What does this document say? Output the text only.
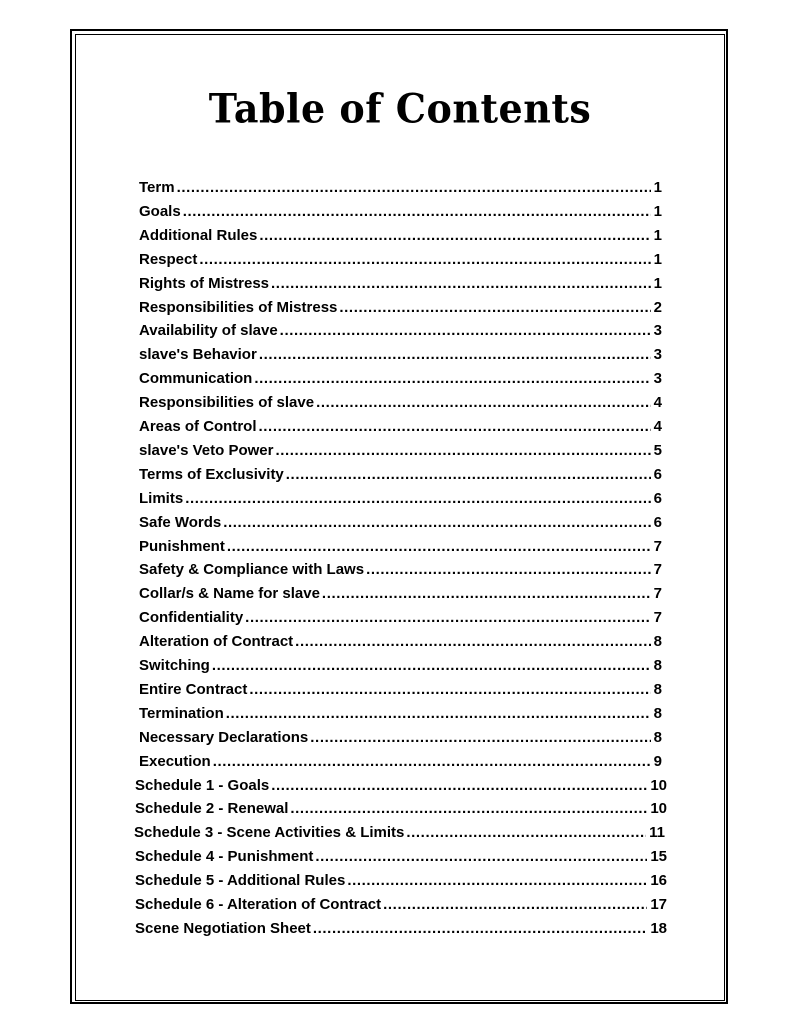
Table of Contents
Term .....	1
Goals .....	1
Additional Rules .....	1
Respect .....	1
Rights of Mistress .....	1
Responsibilities of Mistress .....	2
Availability of slave .....	3
slave's Behavior .....	3
Communication .....	3
Responsibilities of slave .....	4
Areas of Control .....	4
slave's Veto Power .....	5
Terms of Exclusivity .....	6
Limits .....	6
Safe Words .....	6
Punishment .....	7
Safety & Compliance with Laws .....	7
Collar/s & Name for slave .....	7
Confidentiality .....	7
Alteration of Contract .....	8
Switching .....	8
Entire Contract .....	8
Termination .....	8
Necessary Declarations .....	8
Execution .....	9
Schedule 1 - Goals .....	10
Schedule 2 - Renewal .....	10
Schedule 3 - Scene Activities & Limits .....	11
Schedule 4 - Punishment .....	15
Schedule 5 - Additional Rules .....	16
Schedule 6 - Alteration of Contract .....	17
Scene Negotiation Sheet .....	18
